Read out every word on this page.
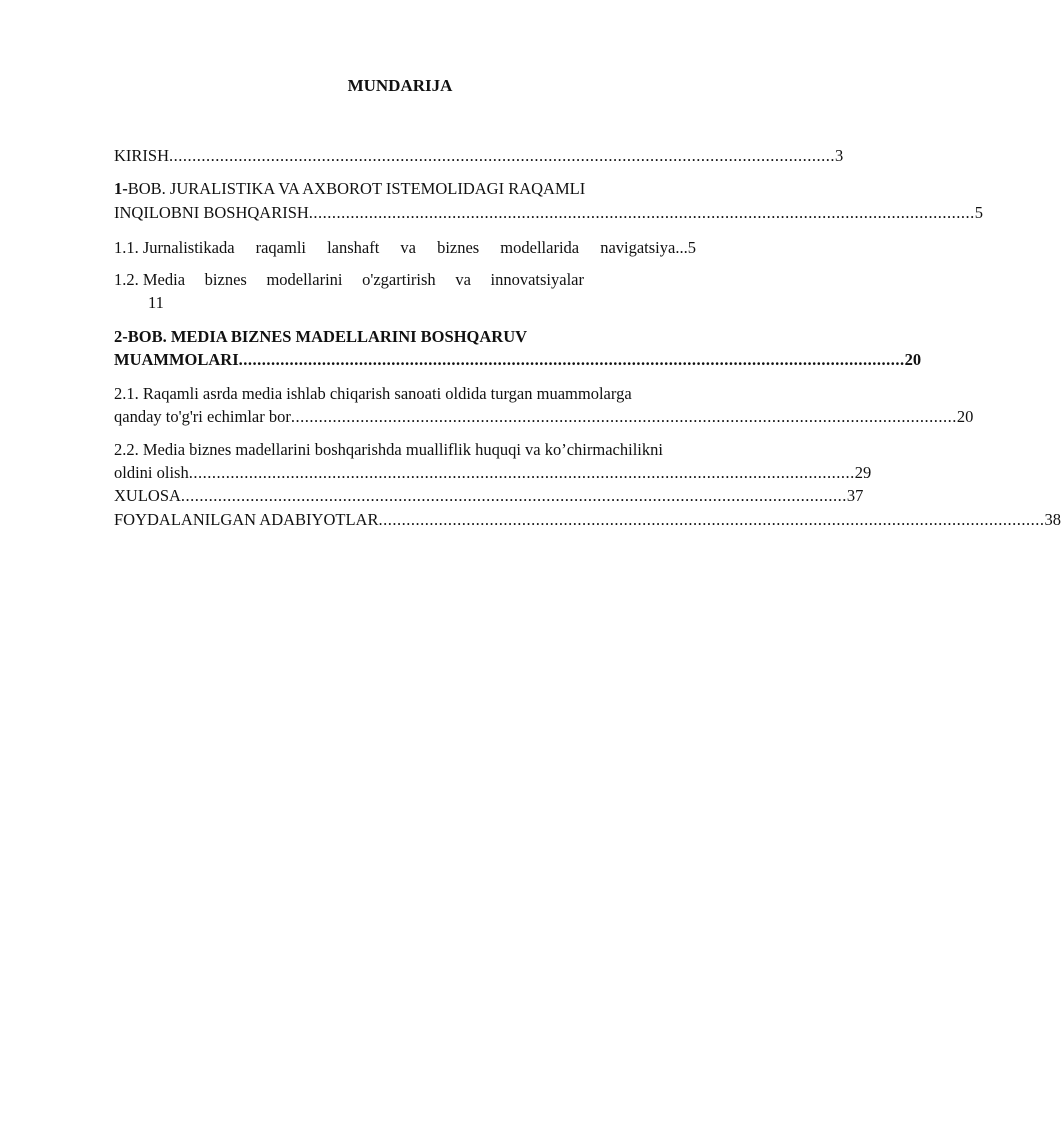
MUNDARIJA
KIRISH ................................................................................................................................................ 3
1-BOB. JURALISTIKA VA AXBOROT ISTEMOLIDAGI RAQAMLI
INQILOBNI BOSHQARISH ................................................................................................................................................ 5
1.1. Jurnalistikada raqamli lanshaft va biznes modellarida navigatsiya...5
1.2. Media biznes modellarini o'zgartirish va innovatsiyalar
11
2-BOB. MEDIA BIZNES MADELLARINI BOSHQARUV
MUAMMOLARI ................................................................................................................................................ 20
2.1. Raqamli asrda media ishlab chiqarish sanoati oldida turgan muammolarga
qanday to'g'ri echimlar bor ................................................................................................................................................ 20
2.2. Media biznes madellarini boshqarishda mualliflik huquqi va ko’chirmachilikni
oldini olish ................................................................................................................................................ 29
XULOSA ................................................................................................................................................ 37
FOYDALANILGAN ADABIYOTLAR ................................................................................................................................................ 38
